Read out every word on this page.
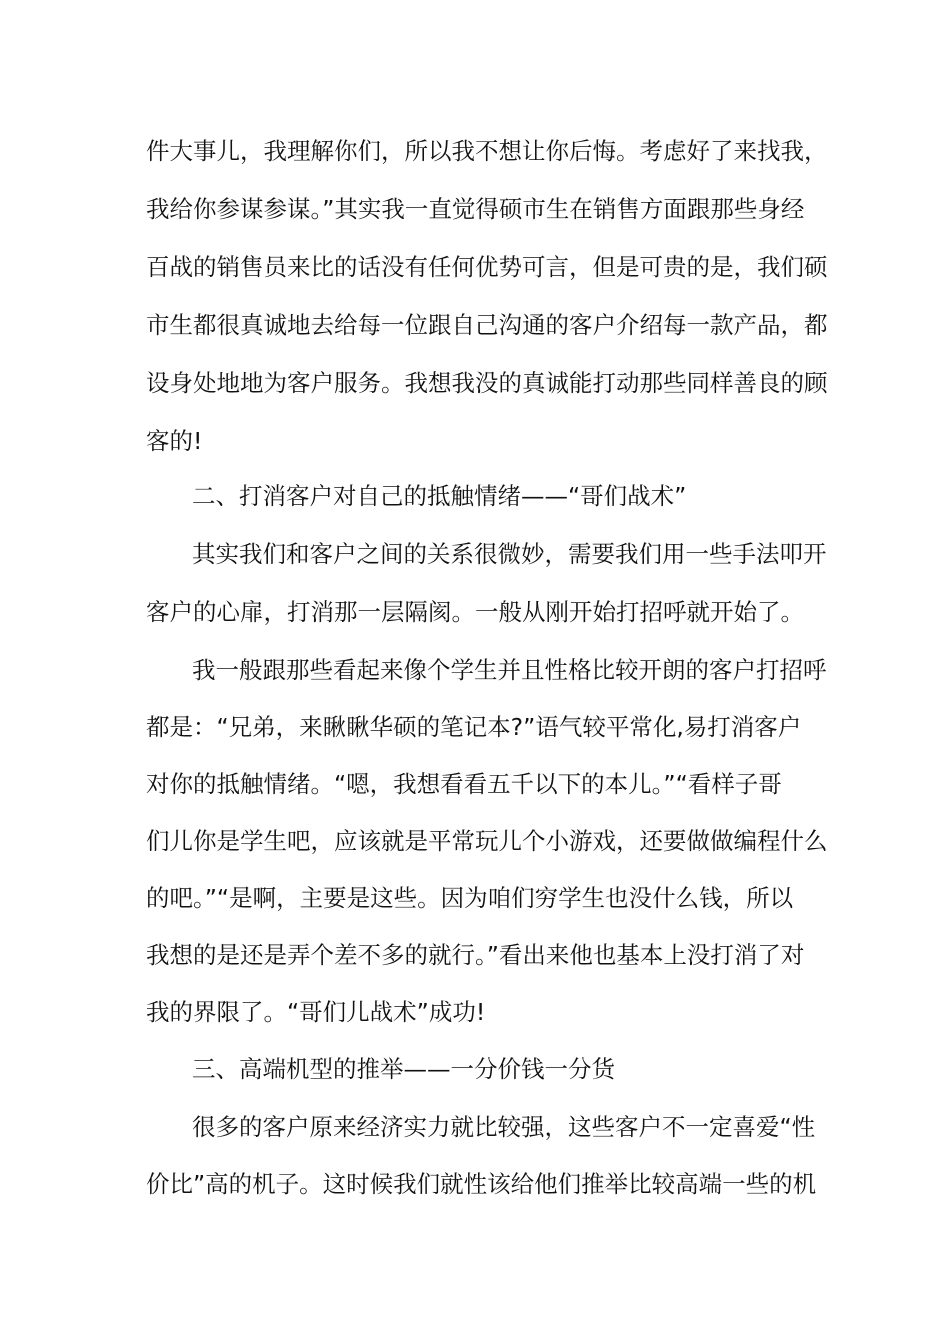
件大事儿，我理解你们，所以我不想让你后悔。考虑好了来找我，
我给你参谋参谋。”其实我一直觉得硕市生在销售方面跟那些身经
百战的销售员来比的话没有任何优势可言，但是可贵的是，我们硕
市生都很真诚地去给每一位跟自己沟通的客户介绍每一款产品，都
设身处地地为客户服务。我想我没的真诚能打动那些同样善良的顾
客的!
二、打消客户对自己的抵触情绪——“哥们战术”
其实我们和客户之间的关系很微妙，需要我们用一些手法叩开
客户的心扉，打消那一层隔阂。一般从刚开始打招呼就开始了。
我一般跟那些看起来像个学生并且性格比较开朗的客户打招呼
都是：“兄弟，来瞅瞅华硕的笔记本?”语气较平常化,易打消客户
对你的抵触情绪。“嗯，我想看看五千以下的本儿。”“看样子哥
们儿你是学生吧，应该就是平常玩儿个小游戏，还要做做编程什么
的吧。”“是啊，主要是这些。因为咱们穷学生也没什么钱，所以
我想的是还是弄个差不多的就行。”看出来他也基本上没打消了对
我的界限了。“哥们儿战术”成功!
三、高端机型的推举——一分价钱一分货
很多的客户原来经济实力就比较强，这些客户不一定喜爱“性
价比”高的机子。这时候我们就性该给他们推举比较高端一些的机
